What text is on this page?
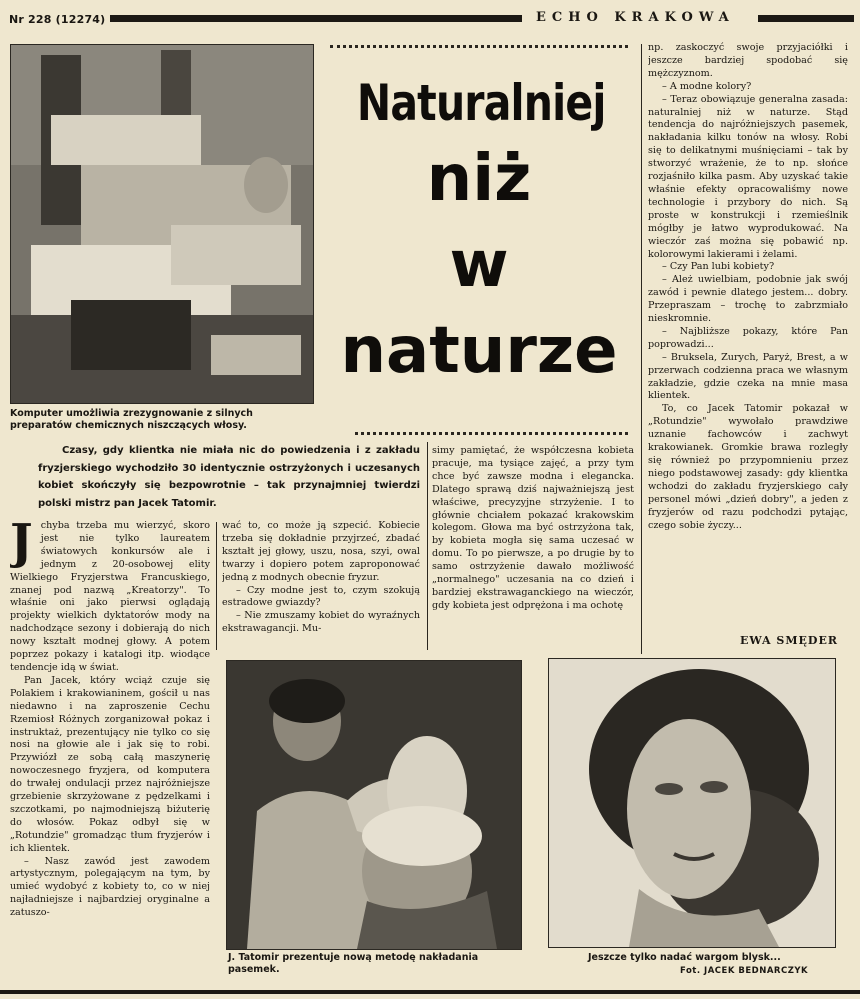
Nr 228 (12274)	ECHO KRAKOWA
Komputer umożliwia zrezygnowanie z silnych preparatów chemicznych niszczących włosy.
Naturalniej
niż
w
naturze
Czasy, gdy klientka nie miała nic do powiedzenia i z zakładu fryzjerskiego wychodziło 30 identycznie ostrzyżonych i uczesanych kobiet skończyły się bezpowrotnie – tak przynajmniej twierdzi polski mistrz pan Jacek Tatomir.
J chyba trzeba mu wierzyć, skoro jest nie tylko laureatem światowych konkursów ale i jednym z 20-osobowej elity Wielkiego Fryzjerstwa Francuskiego, znanej pod nazwą „Kreatorzy". To właśnie oni jako pierwsi oglądają projekty wielkich dyktatorów mody na nadchodzące sezony i dobierają do nich nowy kształt modnej głowy. A potem poprzez pokazy i katalogi itp. wiodące tendencje idą w świat.

Pan Jacek, który wciąż czuje się Polakiem i krakowianinem, gościł u nas niedawno i na zaproszenie Cechu Rzemiosł Różnych zorganizował pokaz i instruktaż, prezentujący nie tylko co się nosi na głowie ale i jak się to robi. Przywiózł ze sobą całą maszynerię nowoczesnego fryzjera, od komputera do trwałej ondulacji przez najróżniejsze grzebienie skrzyżowane z pędzelkami i szczotkami, po najmodniejszą biżuterię do włosów. Pokaz odbył się w „Rotundzie" gromadząc tłum fryzjerów i ich klientek.

– Nasz zawód jest zawodem artystycznym, polegającym na tym, by umieć wydobyć z kobiety to, co w niej najładniejsze i najbardziej oryginalne a zatuszo-

wać to, co może ją szpecić. Kobiecie trzeba się dokładnie przyjrzeć, zbadać kształt jej głowy, uszu, nosa, szyi, owal twarzy i dopiero potem zaproponować jedną z modnych obecnie fryzur.

– Czy modne jest to, czym szokują estradowe gwiazdy?

– Nie zmuszamy kobiet do wyraźnych ekstrawagancji. Mu-

simy pamiętać, że współczesna kobieta pracuje, ma tysiące zajęć, a przy tym chce być zawsze modna i elegancka. Dlatego sprawą dziś najważniejszą jest właściwe, precyzyjne strzyżenie. I to głównie chciałem pokazać krakowskim kolegom. Głowa ma być ostrzyżona tak, by kobieta mogła się sama uczesać w domu. To po pierwsze, a po drugie by to samo ostrzyżenie dawało możliwość „normalnego" uczesania na co dzień i bardziej ekstrawaganckiego na wieczór, gdy kobieta jest odprężona i ma ochotę

np. zaskoczyć swoje przyjaciółki i jeszcze bardziej spodobać się mężczyznom.

– A modne kolory?

– Teraz obowiązuje generalna zasada: naturalniej niż w naturze. Stąd tendencja do najróżniejszych pasemek, nakładania kilku tonów na włosy. Robi się to delikatnymi muśnięciami – tak by stworzyć wrażenie, że to np. słońce rozjaśniło kilka pasm. Aby uzyskać takie właśnie efekty opracowaliśmy nowe technologie i przybory do nich. Są proste w konstrukcji i rzemieślnik mógłby je łatwo wyprodukować. Na wieczór zaś można się pobawić np. kolorowymi lakierami i żelami.

– Czy Pan lubi kobiety?

– Ależ uwielbiam, podobnie jak swój zawód i pewnie dlatego jestem... dobry. Przepraszam – trochę to zabrzmiało nieskromnie.

– Najbliższe pokazy, które Pan poprowadzi...

– Bruksela, Zurych, Paryż, Brest, a w przerwach codzienna praca we własnym zakładzie, gdzie czeka na mnie masa klientek.

To, co Jacek Tatomir pokazał w „Rotundzie" wywołało prawdziwe uznanie fachowców i zachwyt krakowianek. Gromkie brawa rozległy się również po przypomnieniu przez niego podstawowej zasady: gdy klientka wchodzi do zakładu fryzjerskiego cały personel mówi „dzień dobry", a jeden z fryzjerów od razu podchodzi pytając, czego sobie życzy...

EWA SMĘDER
J. Tatomir prezentuje nową metodę nakładania pasemek.
Jeszcze tylko nadać wargom blysk...
Fot. JACEK BEDNARCZYK
